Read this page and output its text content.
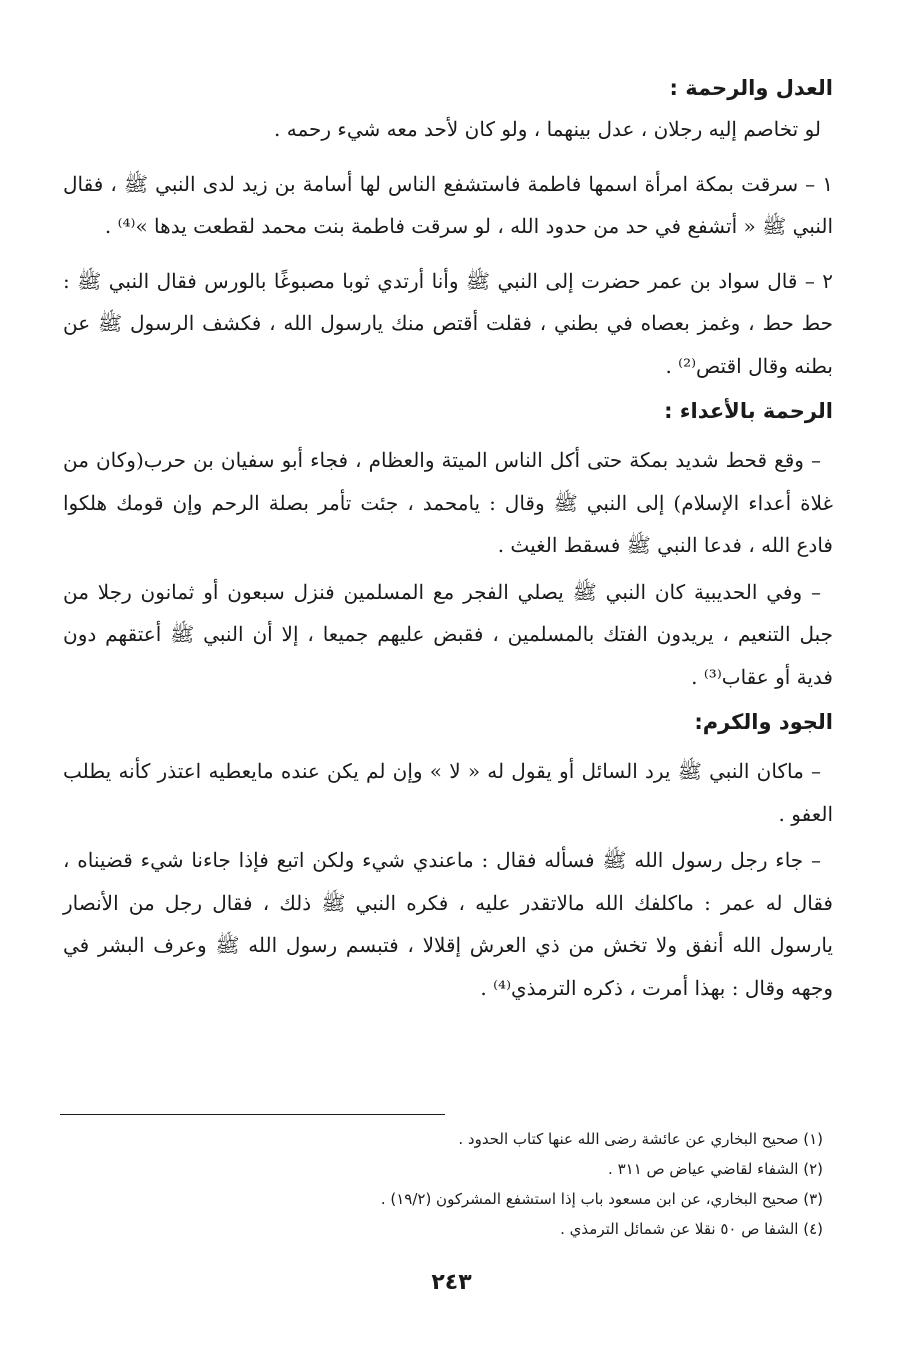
العدل والرحمة :

لو تخاصم إليه رجلان ، عدل بينهما ، ولو كان لأحد معه شيء رحمه .

١ – سرقت بمكة امرأة اسمها فاطمة فاستشفع الناس لها أسامة بن زيد لدى النبي ﷺ ، فقال النبي ﷺ « أتشفع في حد من حدود الله ، لو سرقت فاطمة بنت محمد لقطعت يدها »⁽⁴⁾ .

٢ – قال سواد بن عمر حضرت إلى النبي ﷺ وأنا أرتدي ثوبا مصبوغًا بالورس فقال النبي ﷺ : حط حط ، وغمز بعصاه في بطني ، فقلت أقتص منك يارسول الله ، فكشف الرسول ﷺ عن بطنه وقال اقتص⁽²⁾ .

الرحمة بالأعداء :

– وقع قحط شديد بمكة حتى أكل الناس الميتة والعظام ، فجاء أبو سفيان بن حرب(وكان من غلاة أعداء الإسلام) إلى النبي ﷺ وقال : يامحمد ، جئت تأمر بصلة الرحم وإن قومك هلكوا فادع الله ، فدعا النبي ﷺ فسقط الغيث .

– وفي الحديبية كان النبي ﷺ يصلي الفجر مع المسلمين فنزل سبعون أو ثمانون رجلا من جبل التنعيم ، يريدون الفتك بالمسلمين ، فقبض عليهم جميعا ، إلا أن النبي ﷺ أعتقهم دون فدية أو عقاب⁽³⁾ .

الجود والكرم:

– ماكان النبي ﷺ يرد السائل أو يقول له « لا » وإن لم يكن عنده مايعطيه اعتذر كأنه يطلب العفو .

– جاء رجل رسول الله ﷺ فسأله فقال : ماعندي شيء ولكن اتبع فإذا جاءنا شيء قضيناه ، فقال له عمر : ماكلفك الله مالاتقدر عليه ، فكره النبي ﷺ ذلك ، فقال رجل من الأنصار يارسول الله أنفق ولا تخش من ذي العرش إقلالا ، فتبسم رسول الله ﷺ وعرف البشر في وجهه وقال : بهذا أمرت ، ذكره الترمذي⁽⁴⁾ .

(١) صحيح البخاري عن عائشة رضى الله عنها كتاب الحدود .

(٢) الشفاء لقاضي عياض ص ٣١١ .

(٣) صحيح البخاري، عن ابن مسعود باب إذا استشفع المشركون (١٩/٢) .

(٤) الشفا ص ٥٠ نقلا عن شمائل الترمذي .

٢٤٣
